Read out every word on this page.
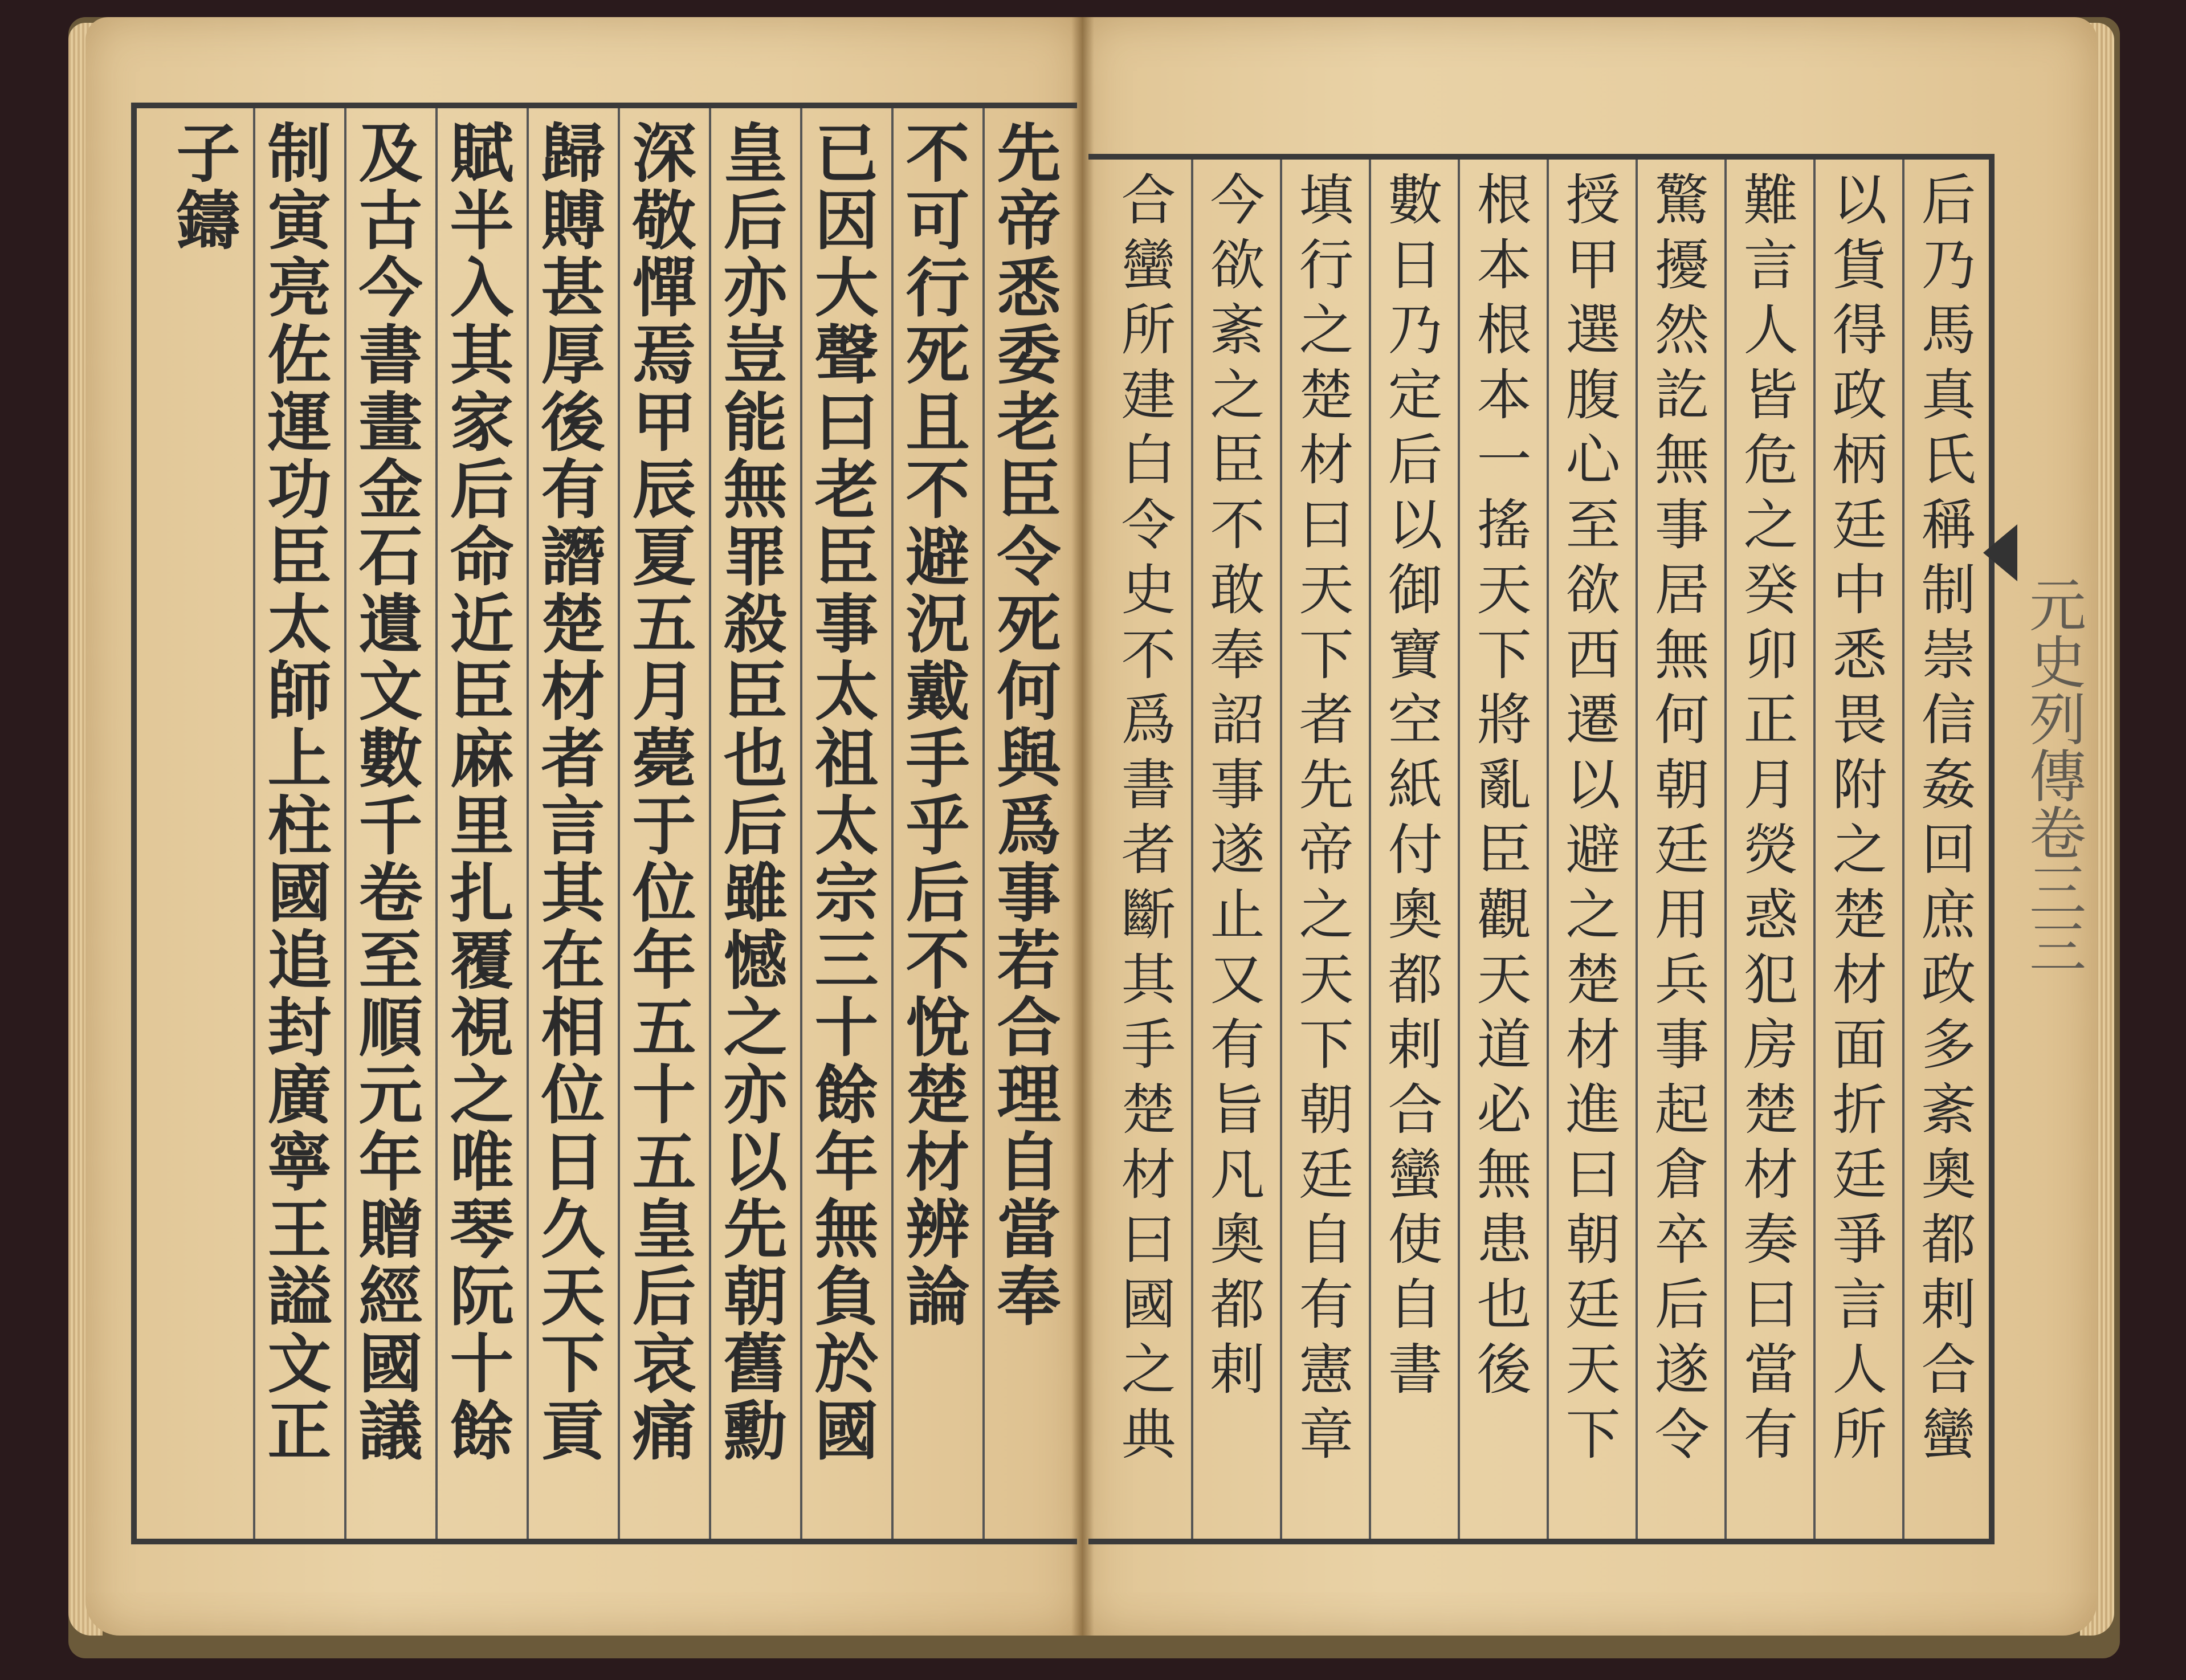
先帝悉委老臣令死何與爲事若合理自當奉
不可行死且不避況戴手乎后不悅楚材辨論
已因大聲曰老臣事太祖太宗三十餘年無負於國
皇后亦豈能無罪殺臣也后雖憾之亦以先朝舊勳
深敬憚焉甲辰夏五月薨于位年五十五皇后哀痛
歸賻甚厚後有譖楚材者言其在相位日久天下貢
賦半入其家后命近臣麻里扎覆視之唯琴阮十餘
及古今書畫金石遺文數千卷至順元年贈經國議
制寅亮佐運功臣太師上柱國追封廣寧王謚文正
子鑄	后乃馬真氏稱制崇信姦回庶政多紊奧都剌合蠻
以貨得政柄廷中悉畏附之楚材面折廷爭言人所
難言人皆危之癸卯正月熒惑犯房楚材奏曰當有
驚擾然訖無事居無何朝廷用兵事起倉卒后遂令
授甲選腹心至欲西遷以避之楚材進曰朝廷天下
根本根本一搖天下將亂臣觀天道必無患也後
數日乃定后以御寶空紙付奧都剌合蠻使自書
填行之楚材曰天下者先帝之天下朝廷自有憲章
今欲紊之臣不敢奉詔事遂止又有旨凡奧都剌
合蠻所建白令史不爲書者斷其手楚材曰國之典	元史列傳卷三三
